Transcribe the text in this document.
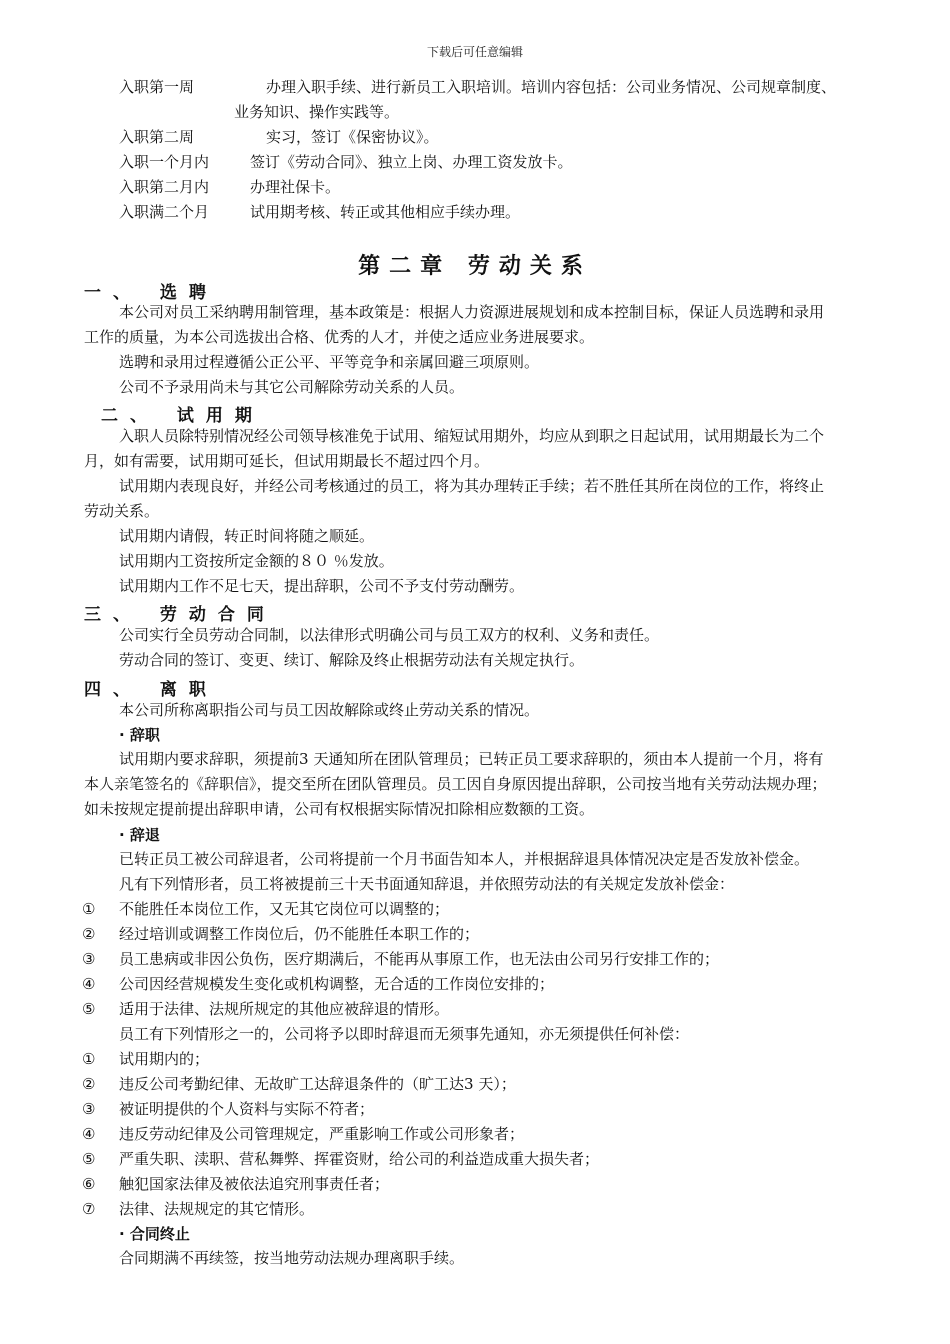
下载后可任意编辑
入职第一周	办理入职手续、进行新员工入职培训。培训内容包括：公司业务情况、公司规章制度、
业务知识、操作实践等。
入职第二周	实习，签订《保密协议》。
入职一个月内	签订《劳动合同》、独立上岗、办理工资发放卡。
入职第二月内	办理社保卡。
入职满二个月	试用期考核、转正或其他相应手续办理。
第二章 劳动关系
一、 选聘
本公司对员工采纳聘用制管理，基本政策是：根据人力资源进展规划和成本控制目标，保证人员选聘和录用
工作的质量，为本公司选拔出合格、优秀的人才，并使之适应业务进展要求。
选聘和录用过程遵循公正公平、平等竞争和亲属回避三项原则。
公司不予录用尚未与其它公司解除劳动关系的人员。
二、 试用期
入职人员除特别情况经公司领导核准免于试用、缩短试用期外，均应从到职之日起试用，试用期最长为二个
月，如有需要，试用期可延长，但试用期最长不超过四个月。
试用期内表现良好，并经公司考核通过的员工，将为其办理转正手续；若不胜任其所在岗位的工作，将终止
劳动关系。
试用期内请假，转正时间将随之顺延。
试用期内工资按所定金额的８０ ％发放。
试用期内工作不足七天，提出辞职，公司不予支付劳动酬劳。
三、 劳动合同
公司实行全员劳动合同制，以法律形式明确公司与员工双方的权利、义务和责任。
劳动合同的签订、变更、续订、解除及终止根据劳动法有关规定执行。
四、 离职
本公司所称离职指公司与员工因故解除或终止劳动关系的情况。
· 辞职
试用期内要求辞职，须提前3 天通知所在团队管理员；已转正员工要求辞职的，须由本人提前一个月，将有
本人亲笔签名的《辞职信》，提交至所在团队管理员。员工因自身原因提出辞职，公司按当地有关劳动法规办理；
如未按规定提前提出辞职申请，公司有权根据实际情况扣除相应数额的工资。
· 辞退
已转正员工被公司辞退者，公司将提前一个月书面告知本人，并根据辞退具体情况决定是否发放补偿金。
凡有下列情形者，员工将被提前三十天书面通知辞退，并依照劳动法的有关规定发放补偿金：
① 不能胜任本岗位工作，又无其它岗位可以调整的；
② 经过培训或调整工作岗位后，仍不能胜任本职工作的；
③ 员工患病或非因公负伤，医疗期满后，不能再从事原工作，也无法由公司另行安排工作的；
④ 公司因经营规模发生变化或机构调整，无合适的工作岗位安排的；
⑤ 适用于法律、法规所规定的其他应被辞退的情形。
员工有下列情形之一的，公司将予以即时辞退而无须事先通知，亦无须提供任何补偿：
① 试用期内的；
② 违反公司考勤纪律、无故旷工达辞退条件的（旷工达3 天）；
③ 被证明提供的个人资料与实际不符者；
④ 违反劳动纪律及公司管理规定，严重影响工作或公司形象者；
⑤ 严重失职、渎职、营私舞弊、挥霍资财，给公司的利益造成重大损失者；
⑥ 触犯国家法律及被依法追究刑事责任者；
⑦ 法律、法规规定的其它情形。
· 合同终止
合同期满不再续签，按当地劳动法规办理离职手续。
